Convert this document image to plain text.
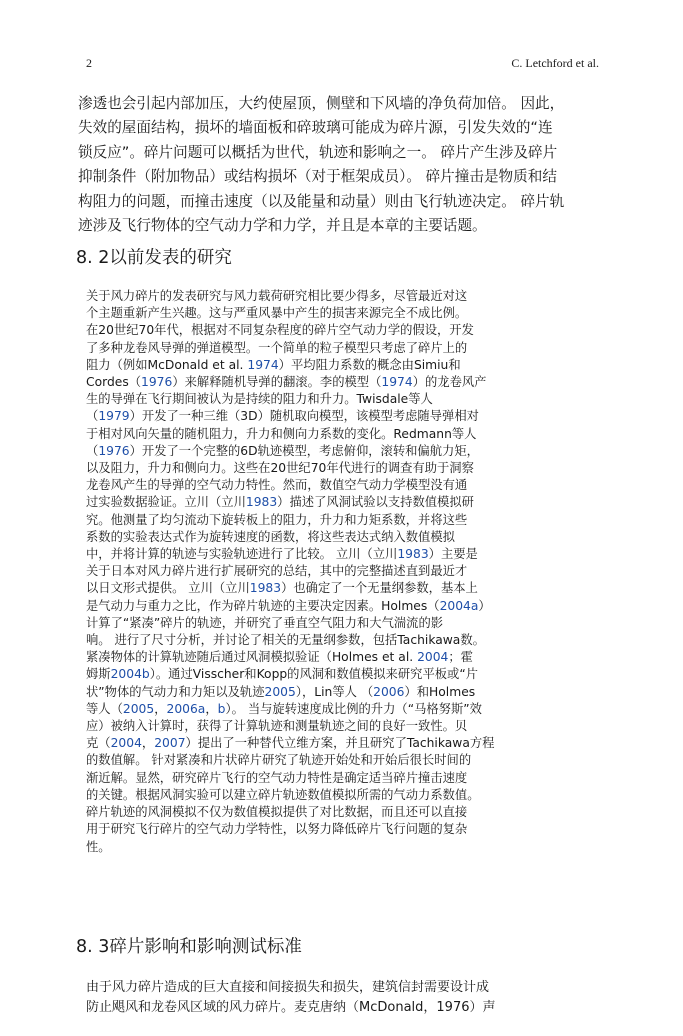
2	C. Letchford et al.
渗透也会引起内部加压，大约使屋顶，侧壁和下风墙的净负荷加倍。 因此，
失效的屋面结构，损坏的墙面板和碎玻璃可能成为碎片源，引发失效的“连
锁反应”。碎片问题可以概括为世代，轨迹和影响之一。 碎片产生涉及碎片
抑制条件（附加物品）或结构损坏（对于框架成员）。 碎片撞击是物质和结
构阻力的问题，而撞击速度（以及能量和动量）则由飞行轨迹决定。 碎片轨
迹涉及飞行物体的空气动力学和力学，并且是本章的主要话题。
8. 2以前发表的研究
关于风力碎片的发表研究与风力载荷研究相比要少得多，尽管最近对这
个主题重新产生兴趣。这与严重风暴中产生的损害来源完全不成比例。
在20世纪70年代，根据对不同复杂程度的碎片空气动力学的假设，开发
了多种龙卷风导弹的弹道模型。一个简单的粒子模型只考虑了碎片上的
阻力（例如McDonald et al. 1974）平均阻力系数的概念由Simiu和
Cordes（1976）来解释随机导弹的翻滚。李的模型（1974）的龙卷风产
生的导弹在飞行期间被认为是持续的阻力和升力。Twisdale等人
（1979）开发了一种三维（3D）随机取向模型，该模型考虑随导弹相对
于相对风向矢量的随机阻力，升力和侧向力系数的变化。Redmann等人
（1976）开发了一个完整的6D轨迹模型，考虑俯仰，滚转和偏航力矩，
以及阻力，升力和侧向力。这些在20世纪70年代进行的调查有助于洞察
龙卷风产生的导弹的空气动力特性。然而，数值空气动力学模型没有通
过实验数据验证。立川（立川1983）描述了风洞试验以支持数值模拟研
究。他测量了均匀流动下旋转板上的阻力，升力和力矩系数，并将这些
系数的实验表达式作为旋转速度的函数，将这些表达式纳入数值模拟
中，并将计算的轨迹与实验轨迹进行了比较。 立川（立川1983）主要是
关于日本对风力碎片进行扩展研究的总结，其中的完整描述直到最近才
以日文形式提供。 立川（立川1983）也确定了一个无量纲参数，基本上
是气动力与重力之比，作为碎片轨迹的主要决定因素。Holmes（2004a）
计算了“紧凑”碎片的轨迹，并研究了垂直空气阻力和大气湍流的影
响。 进行了尺寸分析，并讨论了相关的无量纲参数，包括Tachikawa数。
紧凑物体的计算轨迹随后通过风洞模拟验证（Holmes et al. 2004；霍
姆斯2004b）。通过Visscher和Kopp的风洞和数值模拟来研究平板或“片
状”物体的气动力和力矩以及轨迹2005），Lin等人 （2006）和Holmes
等人（2005，2006a，b）。 当与旋转速度成比例的升力（“马格努斯”效
应）被纳入计算时，获得了计算轨迹和测量轨迹之间的良好一致性。贝
克（2004，2007）提出了一种替代立维方案，并且研究了Tachikawa方程
的数值解。 针对紧凑和片状碎片研究了轨迹开始处和开始后很长时间的
渐近解。显然，研究碎片飞行的空气动力特性是确定适当碎片撞击速度
的关键。根据风洞实验可以建立碎片轨迹数值模拟所需的气动力系数值。
碎片轨迹的风洞模拟不仅为数值模拟提供了对比数据，而且还可以直接
用于研究飞行碎片的空气动力学特性，以努力降低碎片飞行问题的复杂
性。
8. 3碎片影响和影响测试标准
由于风力碎片造成的巨大直接和间接损失和损失，建筑信封需要设计成
防止飓风和龙卷风区域的风力碎片。麦克唐纳（McDonald，1976）声
